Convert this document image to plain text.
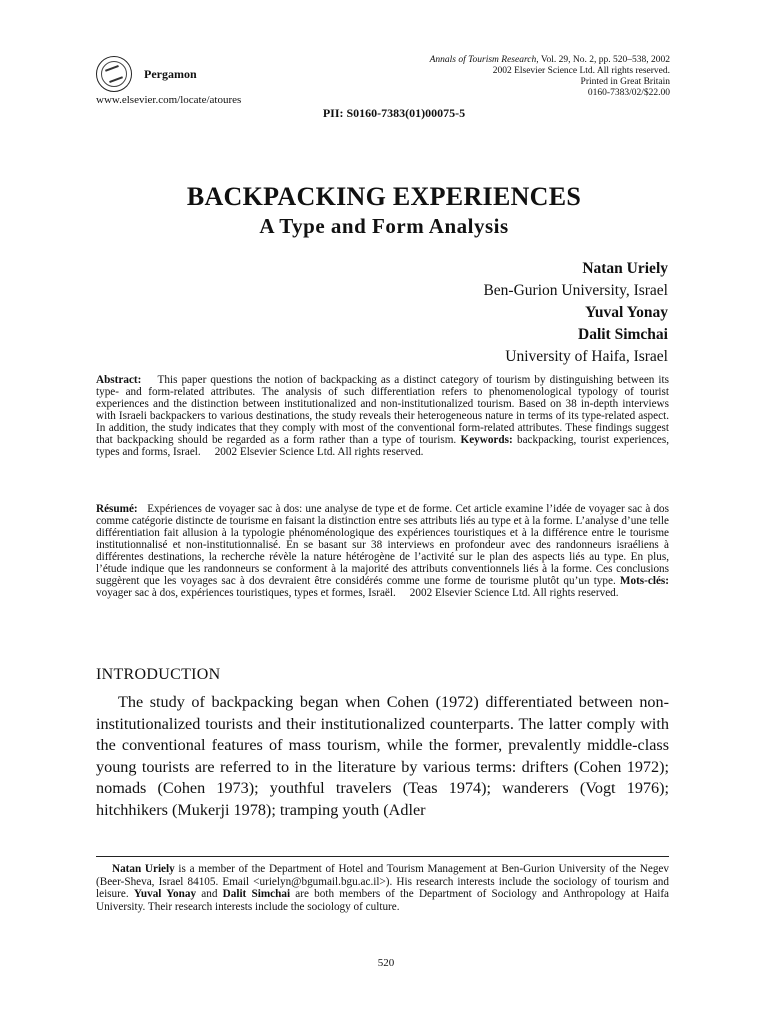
Pergamon
www.elsevier.com/locate/atoures
Annals of Tourism Research, Vol. 29, No. 2, pp. 520–538, 2002
2002 Elsevier Science Ltd. All rights reserved.
Printed in Great Britain
0160-7383/02/$22.00
PII: S0160-7383(01)00075-5
BACKPACKING EXPERIENCES
A Type and Form Analysis
Natan Uriely
Ben-Gurion University, Israel
Yuval Yonay
Dalit Simchai
University of Haifa, Israel
Abstract: This paper questions the notion of backpacking as a distinct category of tourism by distinguishing between its type- and form-related attributes. The analysis of such differentiation refers to phenomenological typology of tourist experiences and the distinction between institutionalized and non-institutionalized tourism. Based on 38 in-depth interviews with Israeli backpackers to various destinations, the study reveals their heterogeneous nature in terms of its type-related aspect. In addition, the study indicates that they comply with most of the conventional form-related attributes. These findings suggest that backpacking should be regarded as a form rather than a type of tourism. Keywords: backpacking, tourist experiences, types and forms, Israel. 2002 Elsevier Science Ltd. All rights reserved.
Résumé: Expériences de voyager sac à dos: une analyse de type et de forme. Cet article examine l’idée de voyager sac à dos comme catégorie distincte de tourisme en faisant la distinction entre ses attributs liés au type et à la forme. L’analyse d’une telle différentiation fait allusion à la typologie phénoménologique des expériences touristiques et à la différence entre le tourisme institutionnalisé et non-institutionnalisé. En se basant sur 38 interviews en profondeur avec des randonneurs israéliens à différentes destinations, la recherche révèle la nature hétérogène de l’activité sur le plan des aspects liés au type. En plus, l’étude indique que les randonneurs se conforment à la majorité des attributs conventionnels liés à la forme. Ces conclusions suggèrent que les voyages sac à dos devraient être considérés comme une forme de tourisme plutôt qu’un type. Mots-clés: voyager sac à dos, expériences touristiques, types et formes, Israël. 2002 Elsevier Science Ltd. All rights reserved.
INTRODUCTION
The study of backpacking began when Cohen (1972) differentiated between non-institutionalized tourists and their institutionalized counterparts. The latter comply with the conventional features of mass tourism, while the former, prevalently middle-class young tourists are referred to in the literature by various terms: drifters (Cohen 1972); nomads (Cohen 1973); youthful travelers (Teas 1974); wanderers (Vogt 1976); hitchhikers (Mukerji 1978); tramping youth (Adler
Natan Uriely is a member of the Department of Hotel and Tourism Management at Ben-Gurion University of the Negev (Beer-Sheva, Israel 84105. Email <urielyn@bgumail.bgu.ac.il>). His research interests include the sociology of tourism and leisure. Yuval Yonay and Dalit Simchai are both members of the Department of Sociology and Anthropology at Haifa University. Their research interests include the sociology of culture.
520
